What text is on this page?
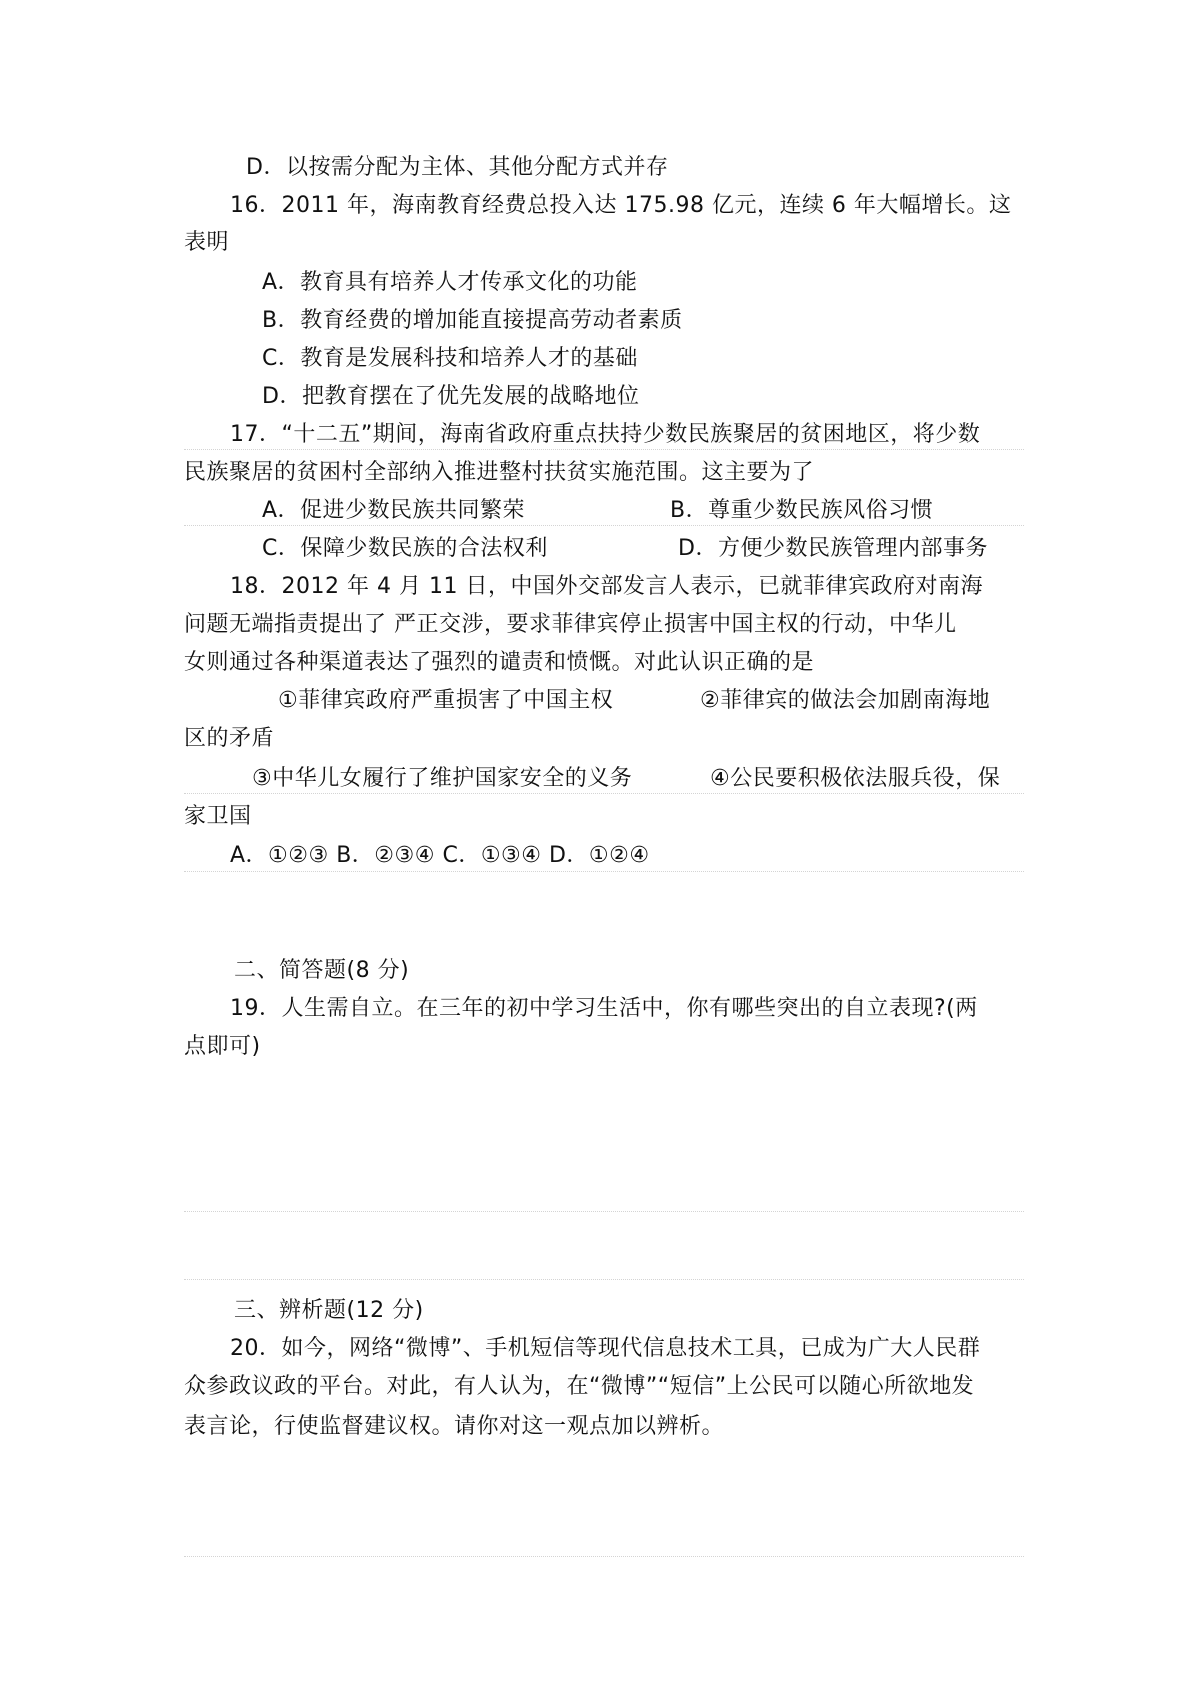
D．以按需分配为主体、其他分配方式并存
16．2011 年，海南教育经费总投入达 175.98 亿元，连续 6 年大幅增长。这
表明
A．教育具有培养人才传承文化的功能
B．教育经费的增加能直接提高劳动者素质
C．教育是发展科技和培养人才的基础
D．把教育摆在了优先发展的战略地位
17．“十二五”期间，海南省政府重点扶持少数民族聚居的贫困地区，将少数
民族聚居的贫困村全部纳入推进整村扶贫实施范围。这主要为了
A．促进少数民族共同繁荣	B．尊重少数民族风俗习惯
C．保障少数民族的合法权利	D．方便少数民族管理内部事务
18．2012 年 4 月 11 日，中国外交部发言人表示，已就菲律宾政府对南海
问题无端指责提出了 严正交涉，要求菲律宾停止损害中国主权的行动，中华儿
女则通过各种渠道表达了强烈的谴责和愤慨。对此认识正确的是
①菲律宾政府严重损害了中国主权	②菲律宾的做法会加剧南海地
区的矛盾
③中华儿女履行了维护国家安全的义务	④公民要积极依法服兵役，保
家卫国
A．①②③ B．②③④ C．①③④ D．①②④
二、简答题(8 分)
19．人生需自立。在三年的初中学习生活中，你有哪些突出的自立表现?(两
点即可)
三、辨析题(12 分)
20．如今，网络“微博”、手机短信等现代信息技术工具，已成为广大人民群
众参政议政的平台。对此，有人认为，在“微博”“短信”上公民可以随心所欲地发
表言论，行使监督建议权。请你对这一观点加以辨析。
